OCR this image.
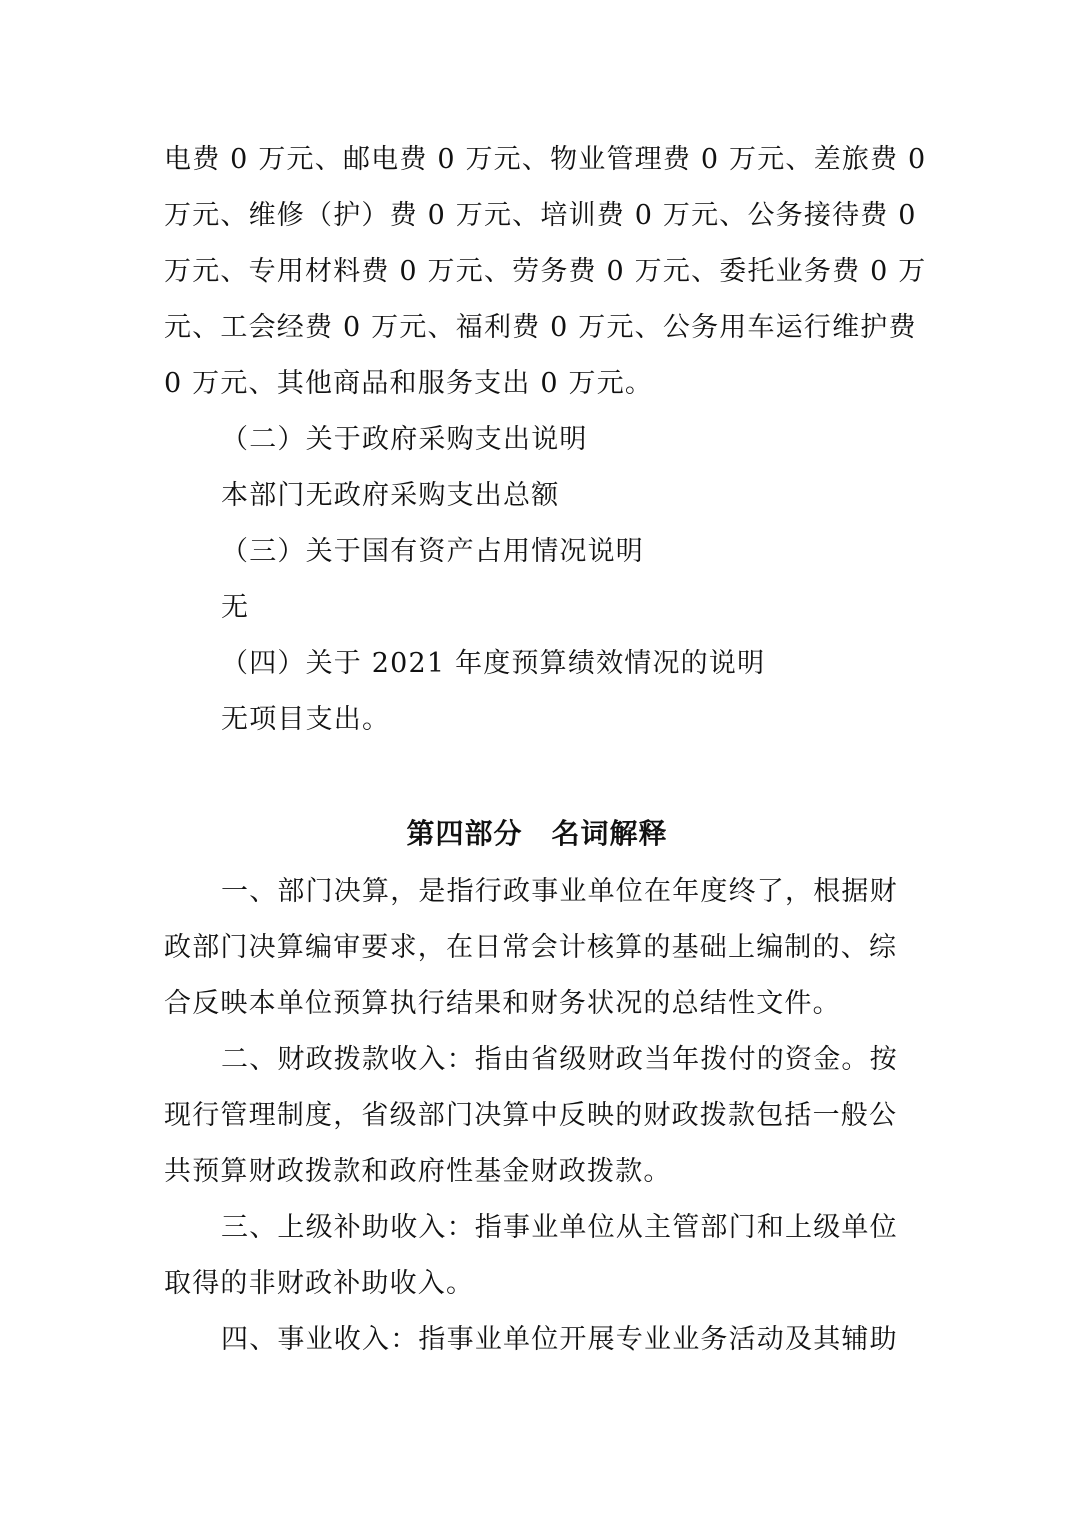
电费 0 万元、邮电费 0 万元、物业管理费 0 万元、差旅费 0
万元、维修（护）费 0 万元、培训费 0 万元、公务接待费 0
万元、专用材料费 0 万元、劳务费 0 万元、委托业务费 0 万
元、工会经费 0 万元、福利费 0 万元、公务用车运行维护费
0 万元、其他商品和服务支出 0 万元。
（二）关于政府采购支出说明
本部门无政府采购支出总额
（三）关于国有资产占用情况说明
无
（四）关于 2021 年度预算绩效情况的说明
无项目支出。
第四部分　名词解释
一、部门决算，是指行政事业单位在年度终了，根据财
政部门决算编审要求，在日常会计核算的基础上编制的、综
合反映本单位预算执行结果和财务状况的总结性文件。
二、财政拨款收入：指由省级财政当年拨付的资金。按
现行管理制度，省级部门决算中反映的财政拨款包括一般公
共预算财政拨款和政府性基金财政拨款。
三、上级补助收入：指事业单位从主管部门和上级单位
取得的非财政补助收入。
四、事业收入：指事业单位开展专业业务活动及其辅助
